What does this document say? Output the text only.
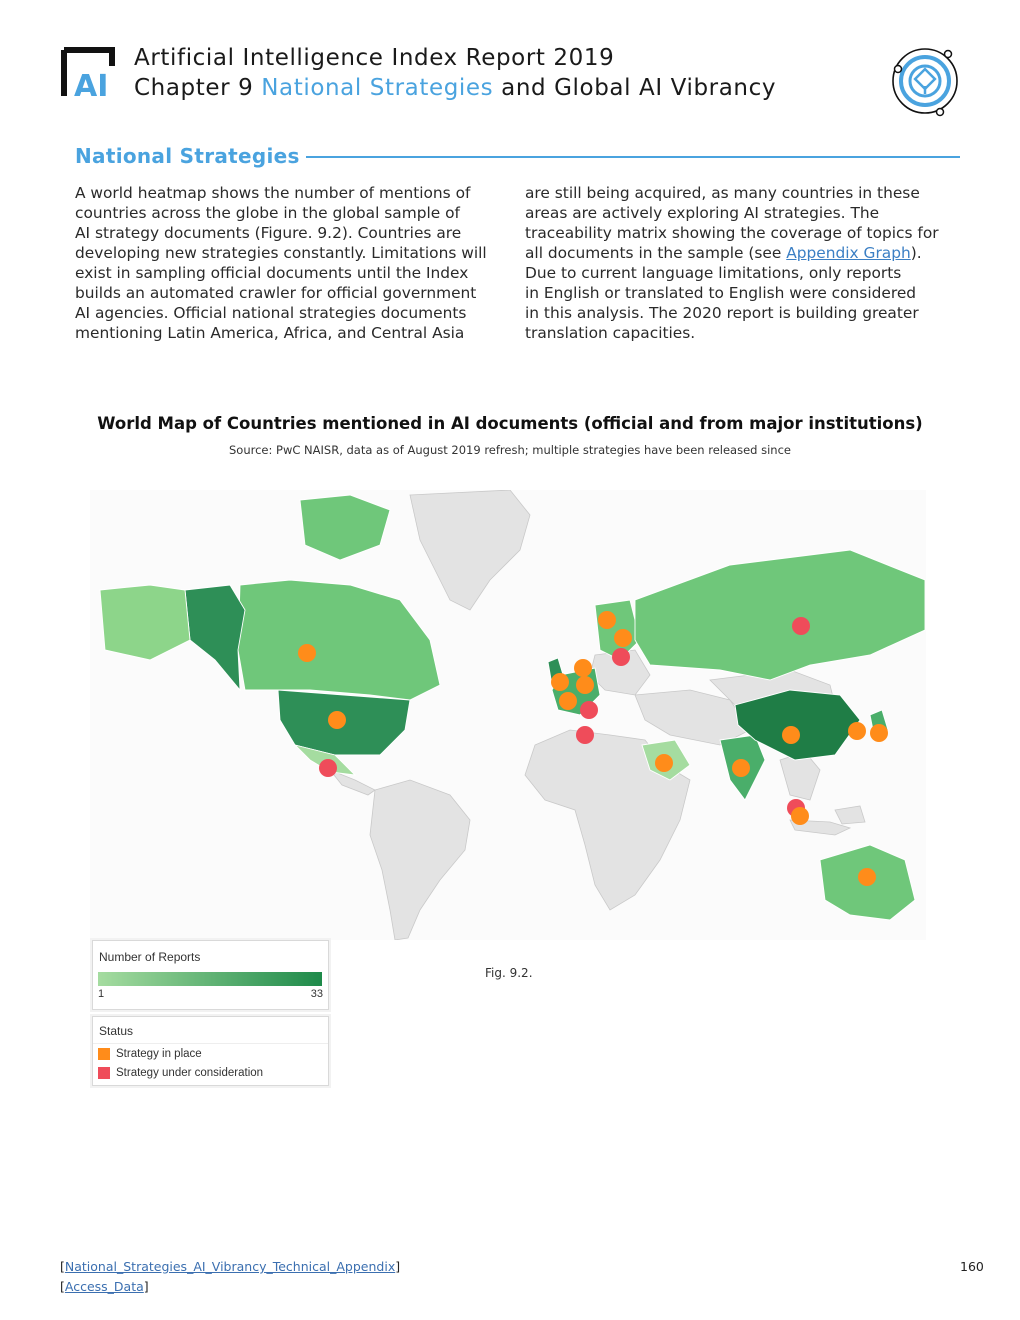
AI
Artificial Intelligence Index Report 2019
Chapter 9 National Strategies and Global AI Vibrancy
National Strategies

A world heatmap shows the number of mentions of

countries across the globe in the global sample of

AI strategy documents (Figure. 9.2). Countries are

developing new strategies constantly. Limitations will

exist in sampling official documents until the Index

builds an automated crawler for official government

AI agencies. Official national strategies documents

mentioning Latin America, Africa, and Central Asia

are still being acquired, as many countries in these

areas are actively exploring AI strategies. The

traceability matrix showing the coverage of topics for

all documents in the sample (see Appendix Graph).

Due to current language limitations, only reports

in English or translated to English were considered

in this analysis. The 2020 report is building greater

translation capacities.

World Map of Countries mentioned in AI documents (official and from major institutions)
Source: PwC NAISR, data as of August 2019 refresh; multiple strategies have been released since
Number of Reports
1	33
Status
Strategy in place
Strategy under consideration
Fig. 9.2.
[National_Strategies_AI_Vibrancy_Technical_Appendix]
[Access_Data]
160
